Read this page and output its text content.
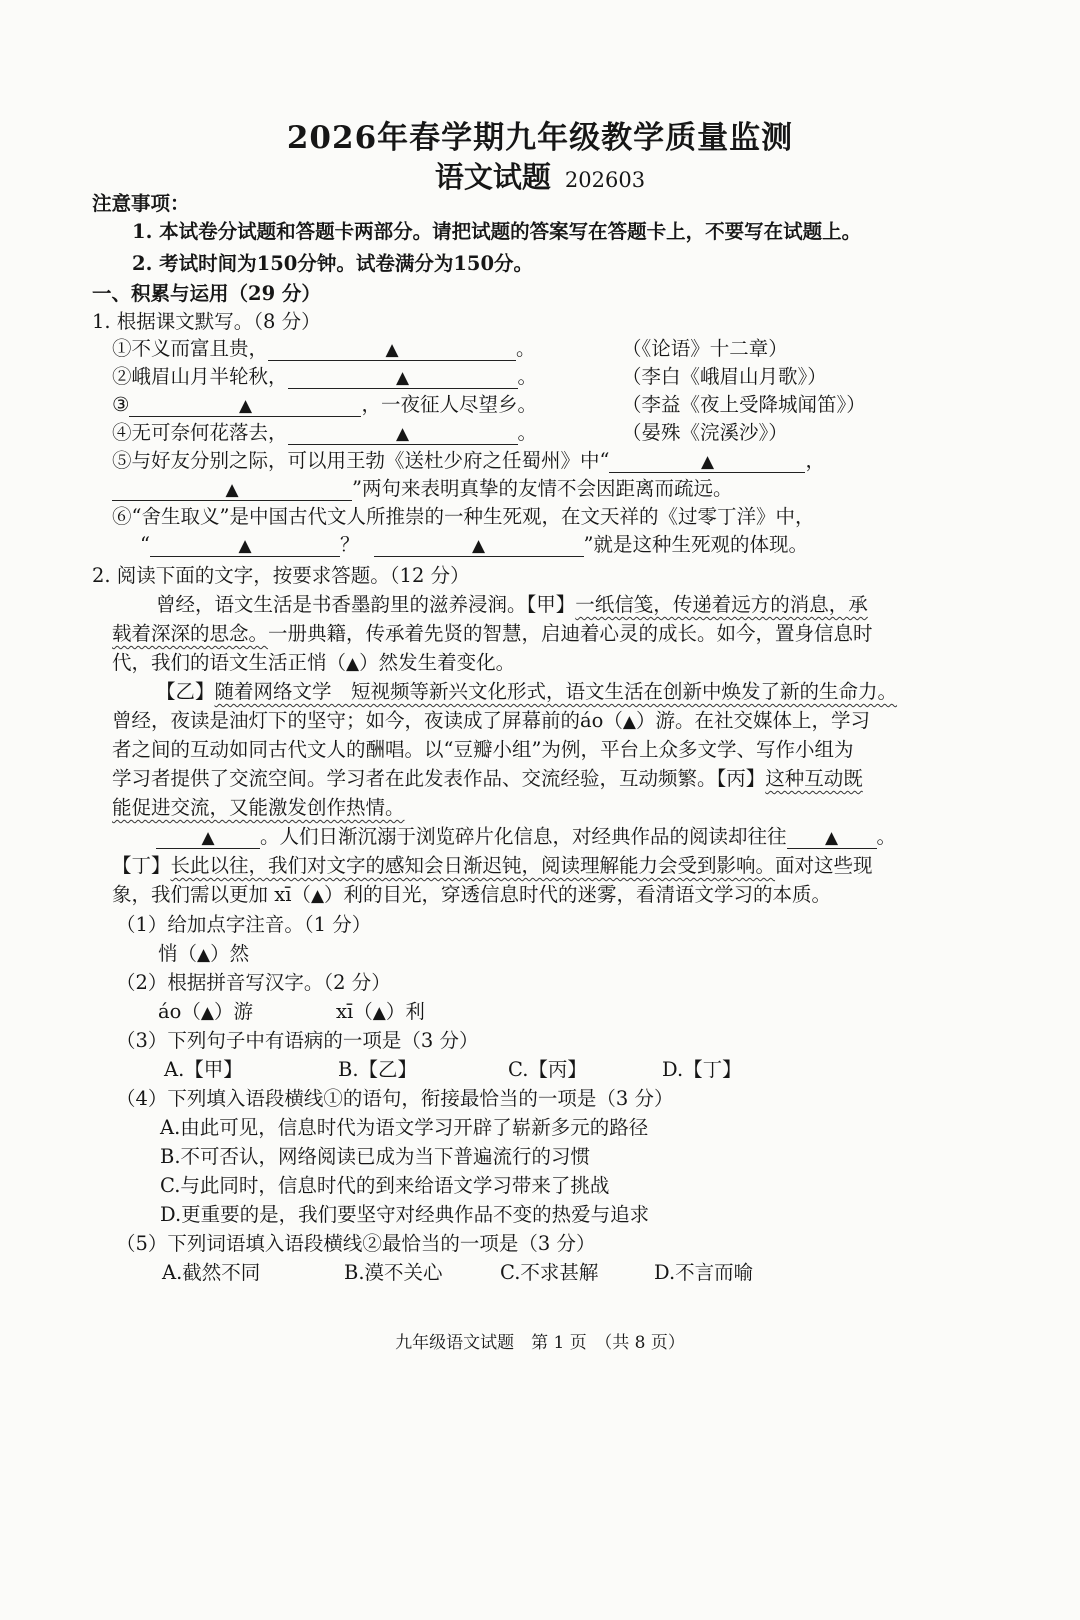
2026年春学期九年级教学质量监测
语文试题 202603
注意事项：
1. 本试卷分试题和答题卡两部分。请把试题的答案写在答题卡上，不要写在试题上。
2. 考试时间为150分钟。试卷满分为150分。
一、积累与运用（29 分）
1. 根据课文默写。（8 分）
①不义而富且贵，	▲	。	（《论语》十二章）
②峨眉山月半轮秋，	▲	。	（李白《峨眉山月歌》）
③	▲	，一夜征人尽望乡。	（李益《夜上受降城闻笛》）
④无可奈何花落去，	▲	。	（晏殊《浣溪沙》）
⑤与好友分别之际，可以用王勃《送杜少府之任蜀州》中“	▲	，
▲	”两句来表明真挚的友情不会因距离而疏远。
⑥“舍生取义”是中国古代文人所推崇的一种生死观，在文天祥的《过零丁洋》中，
“	▲	？	▲	”就是这种生死观的体现。
2. 阅读下面的文字，按要求答题。（12 分）
曾经，语文生活是书香墨韵里的滋养浸润。【甲】一纸信笺，传递着远方的消息，承
载着深深的思念。一册典籍，传承着先贤的智慧，启迪着心灵的成长。如今，置身信息时
代，我们的语文生活正悄（▲）然发生着变化。
【乙】随着网络文学　短视频等新兴文化形式，语文生活在创新中焕发了新的生命力。
曾经，夜读是油灯下的坚守；如今，夜读成了屏幕前的áo（▲）游。在社交媒体上，学习
者之间的互动如同古代文人的酬唱。以“豆瓣小组”为例，平台上众多文学、写作小组为
学习者提供了交流空间。学习者在此发表作品、交流经验，互动频繁。【丙】这种互动既
能促进交流，又能激发创作热情。
▲ 。人们日渐沉溺于浏览碎片化信息，对经典作品的阅读却往往 ▲ 。
【丁】长此以往，我们对文字的感知会日渐迟钝，阅读理解能力会受到影响。面对这些现
象，我们需以更加 xī（▲）利的目光，穿透信息时代的迷雾，看清语文学习的本质。
（1）给加点字注音。（1 分）
悄（▲）然
（2）根据拼音写汉字。（2 分）
áo（▲）游	xī（▲）利
（3）下列句子中有语病的一项是（3 分）
A.【甲】	B.【乙】	C.【丙】	D.【丁】
（4）下列填入语段横线①的语句，衔接最恰当的一项是（3 分）
A.由此可见，信息时代为语文学习开辟了崭新多元的路径
B.不可否认，网络阅读已成为当下普遍流行的习惯
C.与此同时，信息时代的到来给语文学习带来了挑战
D.更重要的是，我们要坚守对经典作品不变的热爱与追求
（5）下列词语填入语段横线②最恰当的一项是（3 分）
A.截然不同	B.漠不关心	C.不求甚解	D.不言而喻
九年级语文试题　第 1 页　（共 8 页）
